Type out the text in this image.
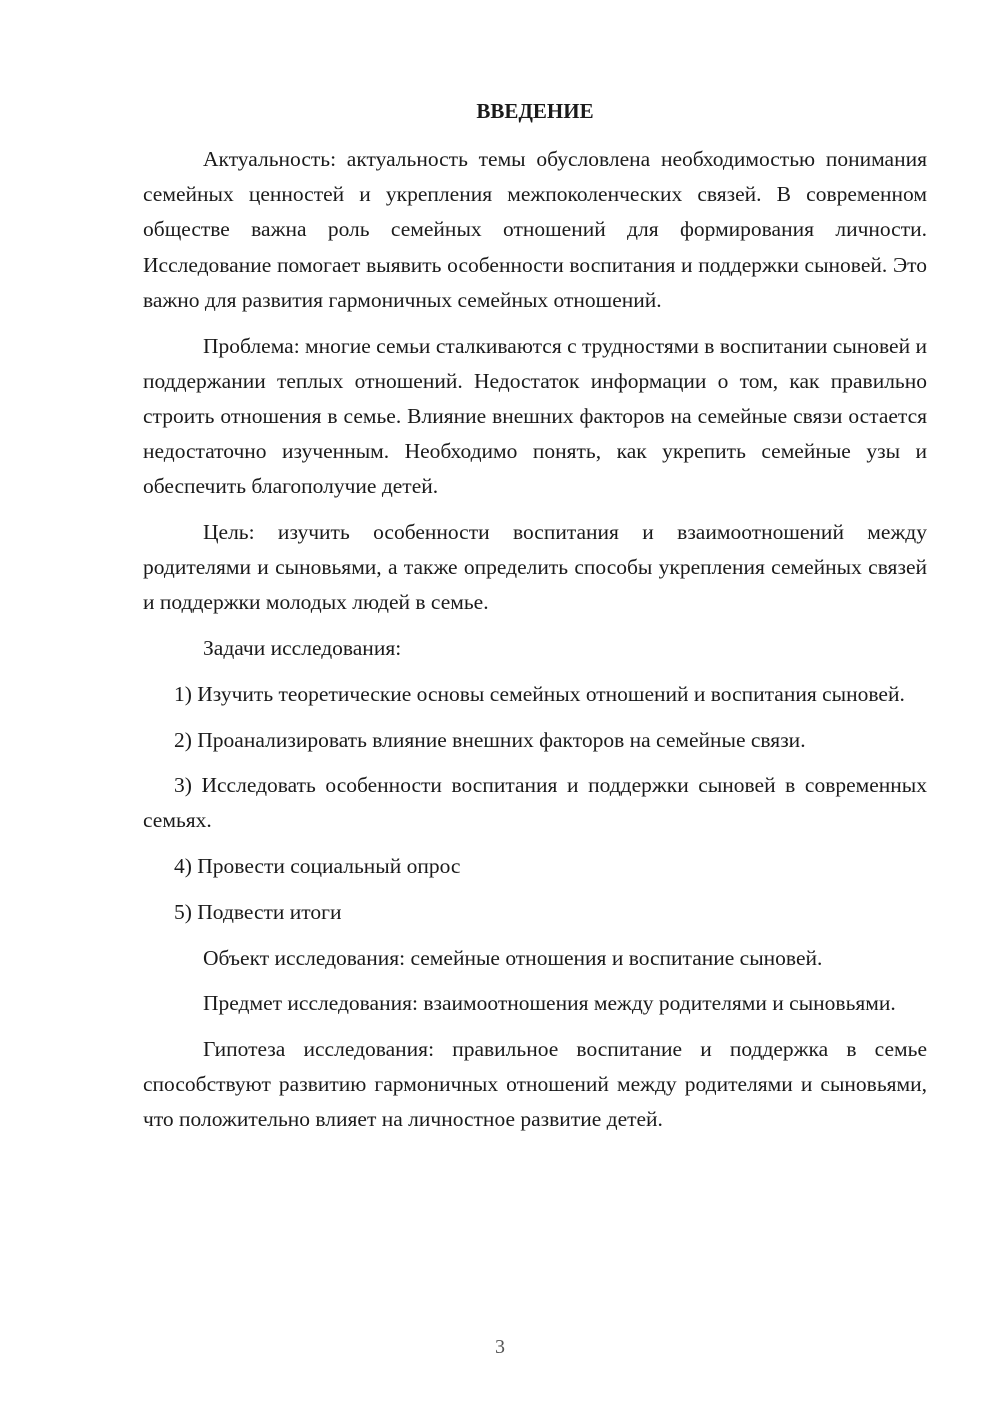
ВВЕДЕНИЕ

Актуальность: актуальность темы обусловлена необходимостью понимания семейных ценностей и укрепления межпоколенческих связей. В современном обществе важна роль семейных отношений для формирования личности. Исследование помогает выявить особенности воспитания и поддержки сыновей. Это важно для развития гармоничных семейных отношений.

Проблема: многие семьи сталкиваются с трудностями в воспитании сыновей и поддержании теплых отношений. Недостаток информации о том, как правильно строить отношения в семье. Влияние внешних факторов на семейные связи остается недостаточно изученным. Необходимо понять, как укрепить семейные узы и обеспечить благополучие детей.

Цель: изучить особенности воспитания и взаимоотношений между родителями и сыновьями, а также определить способы укрепления семейных связей и поддержки молодых людей в семье.

Задачи исследования:

1) Изучить теоретические основы семейных отношений и воспитания сыновей.

2) Проанализировать влияние внешних факторов на семейные связи.

3) Исследовать особенности воспитания и поддержки сыновей в современных семьях.

4) Провести социальный опрос

5) Подвести итоги

Объект исследования: семейные отношения и воспитание сыновей.

Предмет исследования: взаимоотношения между родителями и сыновьями.

Гипотеза исследования: правильное воспитание и поддержка в семье способствуют развитию гармоничных отношений между родителями и сыновьями, что положительно влияет на личностное развитие детей.

3
